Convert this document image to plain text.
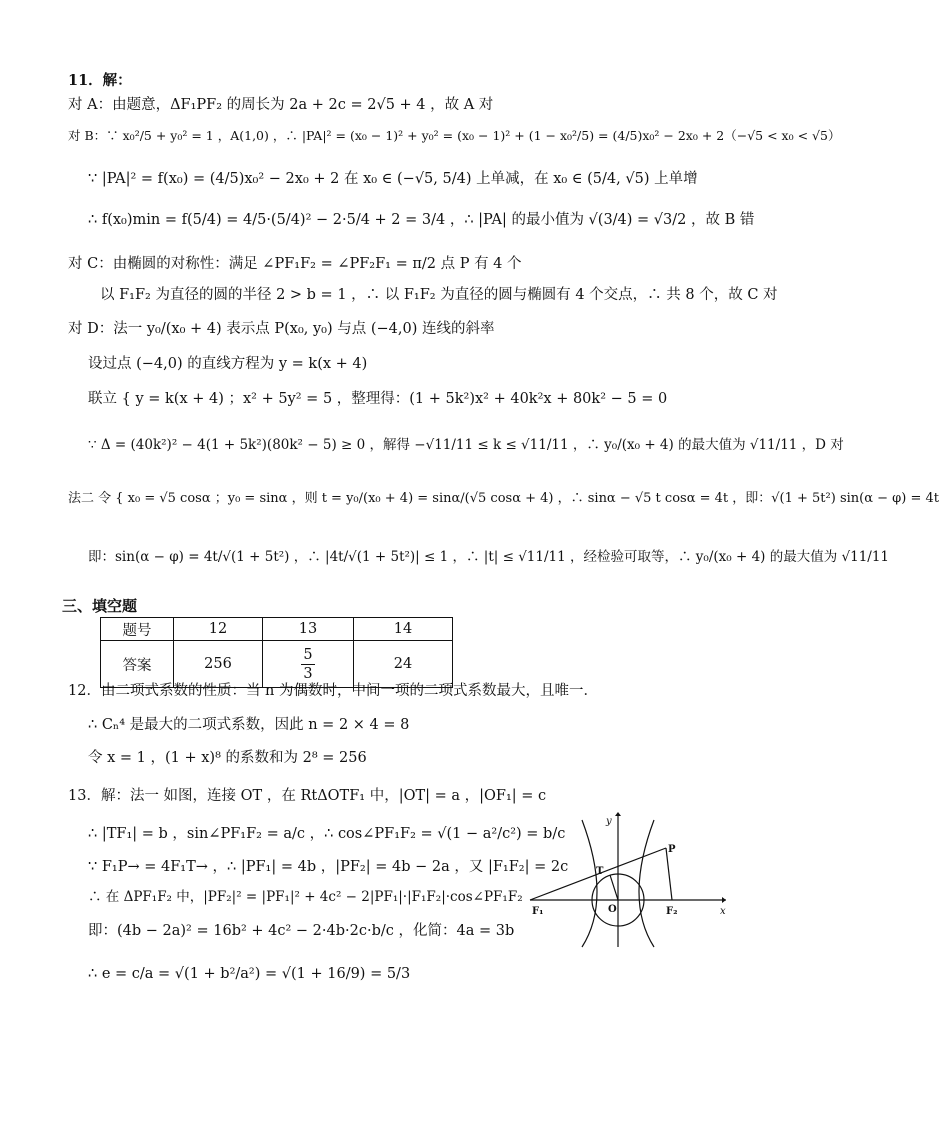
11．解：
对 A：由题意，ΔF₁PF₂ 的周长为 2a + 2c = 2√5 + 4 ，故 A 对
对 B：∵ x₀²/5 + y₀² = 1 ，A(1,0) ，∴ |PA|² = (x₀ − 1)² + y₀² = (x₀ − 1)² + (1 − x₀²/5) = (4/5)x₀² − 2x₀ + 2（−√5 < x₀ < √5）
∵ |PA|² = f(x₀) = (4/5)x₀² − 2x₀ + 2 在 x₀ ∈ (−√5, 5/4) 上单减，在 x₀ ∈ (5/4, √5) 上单增
∴ f(x₀)min = f(5/4) = 4/5·(5/4)² − 2·5/4 + 2 = 3/4 ，∴ |PA| 的最小值为 √(3/4) = √3/2 ，故 B 错
对 C：由椭圆的对称性：满足 ∠PF₁F₂ = ∠PF₂F₁ = π/2 点 P 有 4 个
以 F₁F₂ 为直径的圆的半径 2 > b = 1 ，∴ 以 F₁F₂ 为直径的圆与椭圆有 4 个交点，∴ 共 8 个，故 C 对
对 D：法一 y₀/(x₀ + 4) 表示点 P(x₀, y₀) 与点 (−4,0) 连线的斜率
设过点 (−4,0) 的直线方程为 y = k(x + 4)
联立 { y = k(x + 4) ；x² + 5y² = 5 ，整理得：(1 + 5k²)x² + 40k²x + 80k² − 5 = 0
∵ Δ = (40k²)² − 4(1 + 5k²)(80k² − 5) ≥ 0 ，解得 −√11/11 ≤ k ≤ √11/11 ，∴ y₀/(x₀ + 4) 的最大值为 √11/11 ，D 对
法二 令 { x₀ = √5 cosα ；y₀ = sinα ，则 t = y₀/(x₀ + 4) = sinα/(√5 cosα + 4) ，∴ sinα − √5 t cosα = 4t ，即：√(1 + 5t²) sin(α − φ) = 4t
即：sin(α − φ) = 4t/√(1 + 5t²) ，∴ |4t/√(1 + 5t²)| ≤ 1 ，∴ |t| ≤ √11/11 ，经检验可取等，∴ y₀/(x₀ + 4) 的最大值为 √11/11
三、填空题
题号	12	13	14
答案	256	$\frac{5}{3}$	24
12．由二项式系数的性质：当 n 为偶数时，中间一项的二项式系数最大，且唯一．
∴ Cₙ⁴ 是最大的二项式系数，因此 n = 2 × 4 = 8
令 x = 1 ，(1 + x)⁸ 的系数和为 2⁸ = 256
13．解：法一 如图，连接 OT ，在 RtΔOTF₁ 中，|OT| = a ，|OF₁| = c
∴ |TF₁| = b ，sin∠PF₁F₂ = a/c ，∴ cos∠PF₁F₂ = √(1 − a²/c²) = b/c
∵ F₁P→ = 4F₁T→ ，∴ |PF₁| = 4b ，|PF₂| = 4b − 2a ，又 |F₁F₂| = 2c
∴ 在 ΔPF₁F₂ 中，|PF₂|² = |PF₁|² + 4c² − 2|PF₁|·|F₁F₂|·cos∠PF₁F₂
即：(4b − 2a)² = 16b² + 4c² − 2·4b·2c·b/c ，化简：4a = 3b
∴ e = c/a = √(1 + b²/a²) = √(1 + 16/9) = 5/3
y
x
T
P
O
F₁	F₂
